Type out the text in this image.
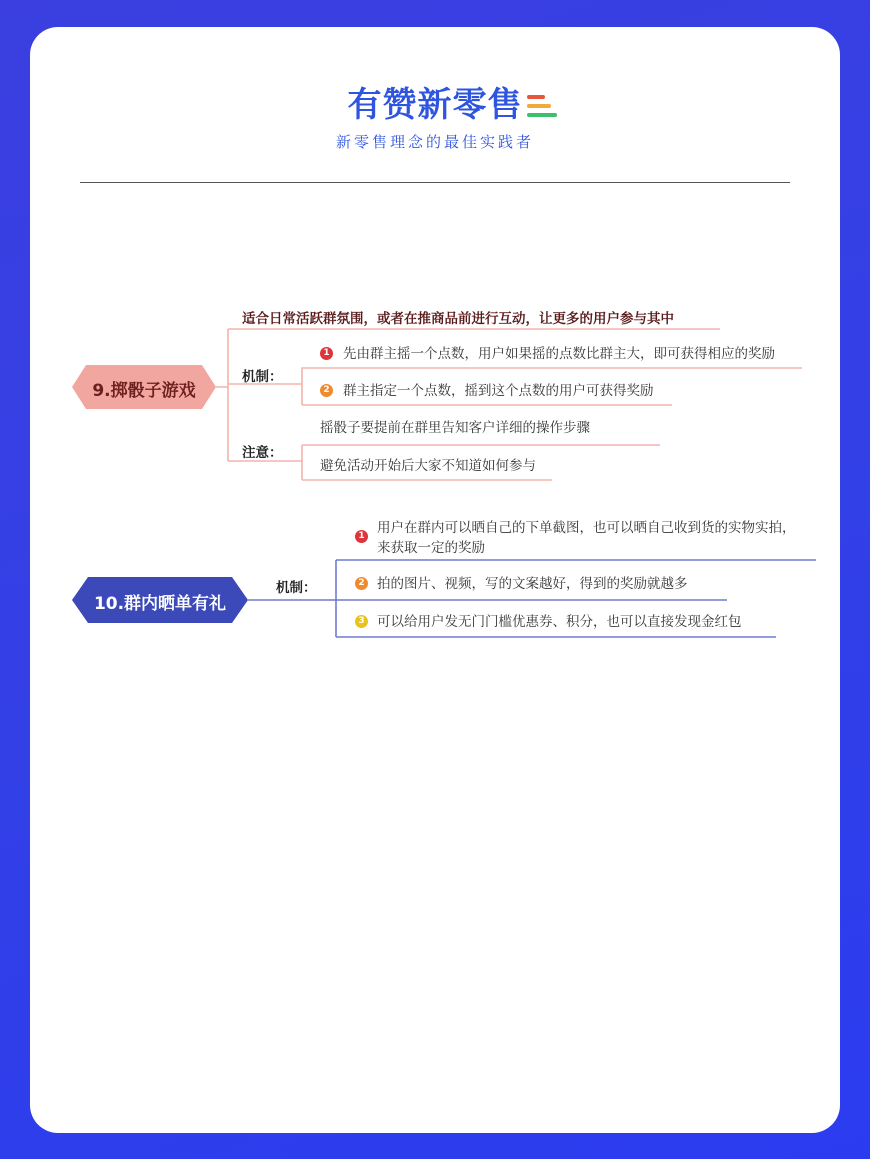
有赞新零售
新零售理念的最佳实践者
9.掷骰子游戏
适合日常活跃群氛围，或者在推商品前进行互动，让更多的用户参与其中
机制：
1 先由群主摇一个点数，用户如果摇的点数比群主大，即可获得相应的奖励
2 群主指定一个点数，摇到这个点数的用户可获得奖励
注意：
摇骰子要提前在群里告知客户详细的操作步骤
避免活动开始后大家不知道如何参与
10.群内晒单有礼
机制：
1 用户在群内可以晒自己的下单截图，也可以晒自己收到货的实物实拍，
来获取一定的奖励
2 拍的图片、视频，写的文案越好，得到的奖励就越多
3 可以给用户发无门门槛优惠券、积分，也可以直接发现金红包
